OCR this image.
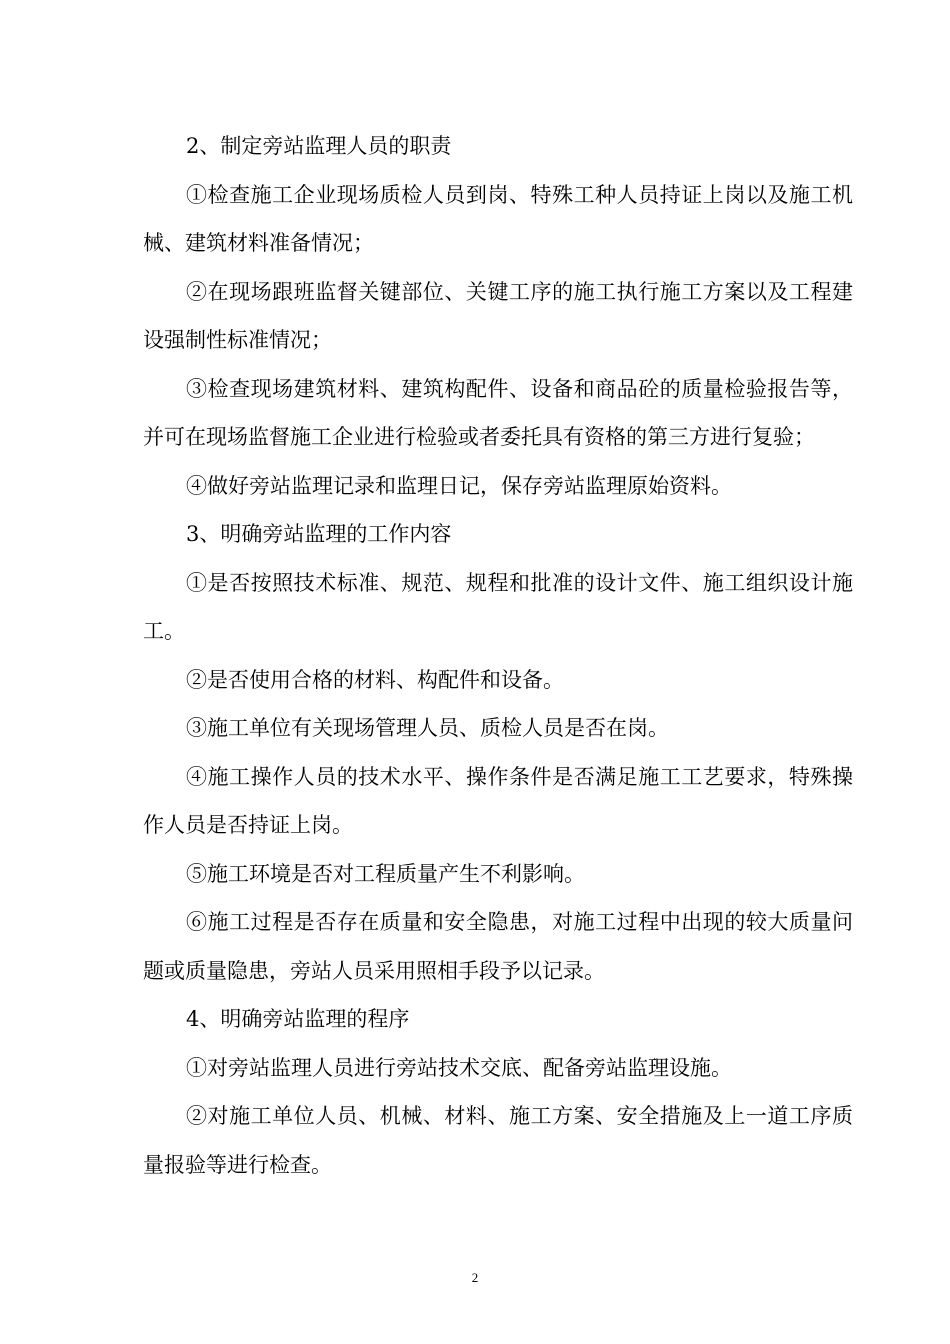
2、制定旁站监理人员的职责

①检查施工企业现场质检人员到岗、特殊工种人员持证上岗以及施工机械、建筑材料准备情况；

②在现场跟班监督关键部位、关键工序的施工执行施工方案以及工程建设强制性标准情况；

③检查现场建筑材料、建筑构配件、设备和商品砼的质量检验报告等，并可在现场监督施工企业进行检验或者委托具有资格的第三方进行复验；

④做好旁站监理记录和监理日记，保存旁站监理原始资料。

3、明确旁站监理的工作内容

①是否按照技术标准、规范、规程和批准的设计文件、施工组织设计施工。

②是否使用合格的材料、构配件和设备。

③施工单位有关现场管理人员、质检人员是否在岗。

④施工操作人员的技术水平、操作条件是否满足施工工艺要求，特殊操作人员是否持证上岗。

⑤施工环境是否对工程质量产生不利影响。

⑥施工过程是否存在质量和安全隐患，对施工过程中出现的较大质量问题或质量隐患，旁站人员采用照相手段予以记录。

4、明确旁站监理的程序

①对旁站监理人员进行旁站技术交底、配备旁站监理设施。

②对施工单位人员、机械、材料、施工方案、安全措施及上一道工序质量报验等进行检查。

2
